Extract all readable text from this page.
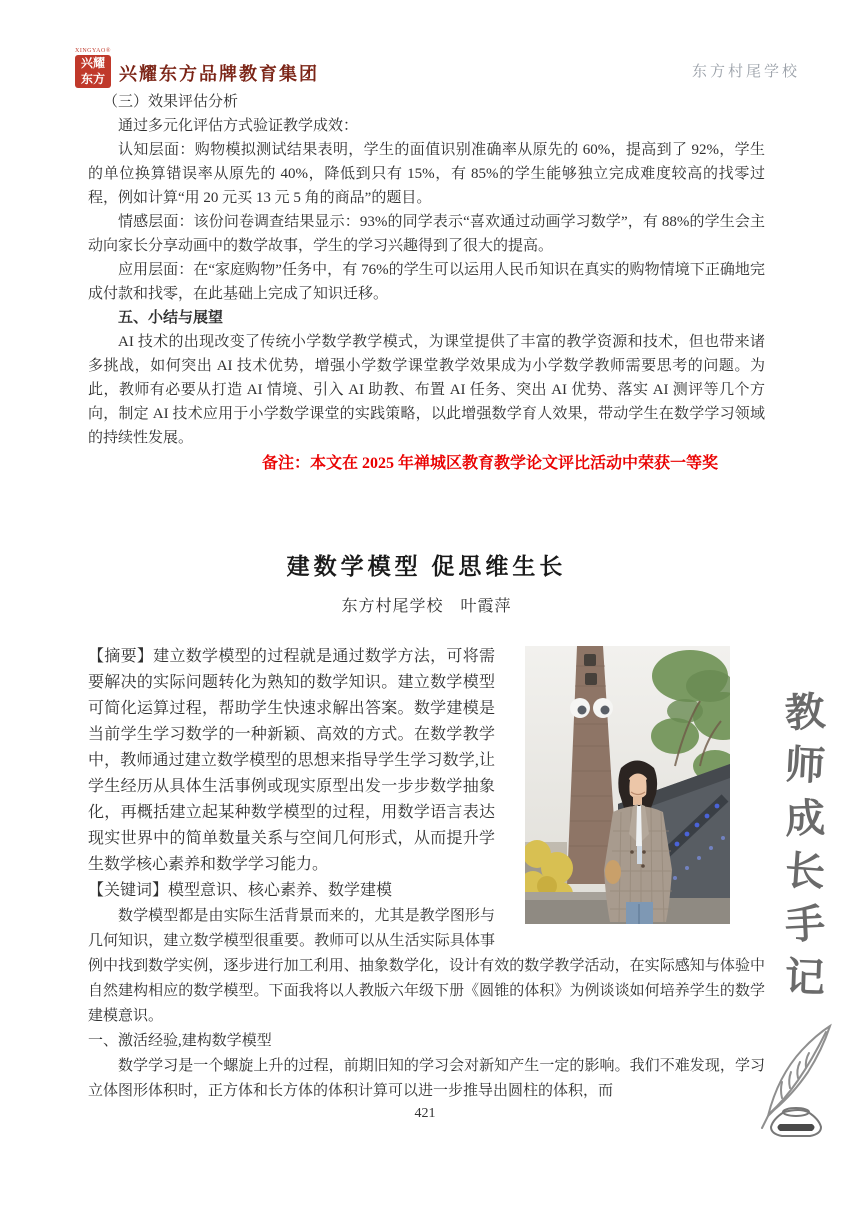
XINGYAO®
兴耀
东方 兴耀东方品牌教育集团	东方村尾学校

（三）效果评估分析

通过多元化评估方式验证教学成效：

认知层面：购物模拟测试结果表明，学生的面值识别准确率从原先的 60%，提高到了 92%，学生的单位换算错误率从原先的 40%，降低到只有 15%，有 85%的学生能够独立完成难度较高的找零过程，例如计算“用 20 元买 13 元 5 角的商品”的题目。

情感层面：该份问卷调查结果显示：93%的同学表示“喜欢通过动画学习数学”，有 88%的学生会主动向家长分享动画中的数学故事，学生的学习兴趣得到了很大的提高。

应用层面：在“家庭购物”任务中，有 76%的学生可以运用人民币知识在真实的购物情境下正确地完成付款和找零，在此基础上完成了知识迁移。

五、小结与展望

AI 技术的出现改变了传统小学数学教学模式，为课堂提供了丰富的教学资源和技术，但也带来诸多挑战，如何突出 AI 技术优势，增强小学数学课堂教学效果成为小学数学教师需要思考的问题。为此，教师有必要从打造 AI 情境、引入 AI 助教、布置 AI 任务、突出 AI 优势、落实 AI 测评等几个方向，制定 AI 技术应用于小学数学课堂的实践策略，以此增强数学育人效果，带动学生在数学学习领域的持续性发展。

备注：本文在 2025 年禅城区教育教学论文评比活动中荣获一等奖
建数学模型 促思维生长
东方村尾学校　叶霞萍

【摘要】建立数学模型的过程就是通过数学方法，可将需要解决的实际问题转化为熟知的数学知识。建立数学模型可简化运算过程，帮助学生快速求解出答案。数学建模是当前学生学习数学的一种新颖、高效的方式。在数学教学中，教师通过建立数学模型的思想来指导学生学习数学,让学生经历从具体生活事例或现实原型出发一步步数学抽象化，再概括建立起某种数学模型的过程，用数学语言表达现实世界中的简单数量关系与空间几何形式，从而提升学生数学核心素养和数学学习能力。

【关键词】模型意识、核心素养、数学建模

数学模型都是由实际生活背景而来的，尤其是教学图形与几何知识，建立数学模型很重要。教师可以从生活实际具体事例中找到数学实例，逐步进行加工利用、抽象数学化，设计有效的数学教学活动，在实际感知与体验中自然建构相应的数学模型。下面我将以人教版六年级下册《圆锥的体积》为例谈谈如何培养学生的数学建模意识。

一、激活经验,建构数学模型

数学学习是一个螺旋上升的过程，前期旧知的学习会对新知产生一定的影响。我们不难发现，学习立体图形体积时，正方体和长方体的体积计算可以进一步推导出圆柱的体积，而

教
师
成
长
手
记
421
